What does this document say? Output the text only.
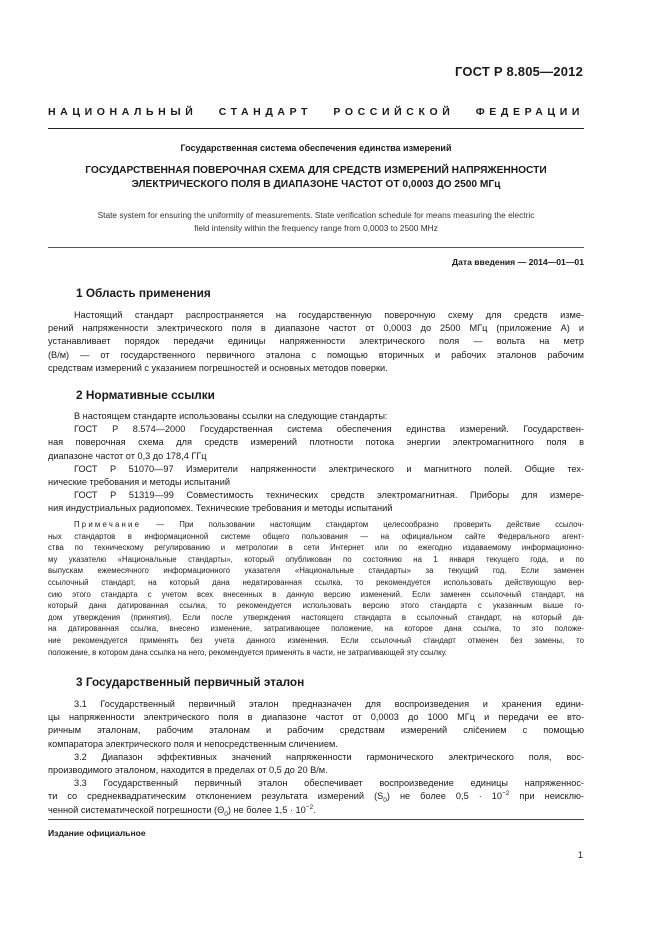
ГОСТ Р 8.805—2012
НАЦИОНАЛЬНЫЙ СТАНДАРТ РОССИЙСКОЙ ФЕДЕРАЦИИ
Государственная система обеспечения единства измерений
ГОСУДАРСТВЕННАЯ ПОВЕРОЧНАЯ СХЕМА ДЛЯ СРЕДСТВ ИЗМЕРЕНИЙ НАПРЯЖЕННОСТИ
ЭЛЕКТРИЧЕСКОГО ПОЛЯ В ДИАПАЗОНЕ ЧАСТОТ ОТ 0,0003 ДО 2500 МГц
State system for ensuring the uniformity of measurements. State verification schedule for means measuring the electric
field intensity within the frequency range from 0,0003 to 2500 MHz
Дата введения — 2014—01—01
1 Область применения
Настоящий стандарт распространяется на государственную поверочную схему для средств изме-
рений напряженности электрического поля в диапазоне частот от 0,0003 до 2500 МГц (приложение А) и
устанавливает порядок передачи единицы напряженности электрического поля — вольта на метр
(В/м) — от государственного первичного эталона с помощью вторичных и рабочих эталонов рабочим
средствам измерений с указанием погрешностей и основных методов поверки.
2 Нормативные ссылки
В настоящем стандарте использованы ссылки на следующие стандарты:
ГОСТ Р 8.574—2000 Государственная система обеспечения единства измерений. Государствен-
ная поверочная схема для средств измерений плотности потока энергии электромагнитного поля в
диапазоне частот от 0,3 до 178,4 ГГц
ГОСТ Р 51070—97 Измерители напряженности электрического и магнитного полей. Общие тех-
нические требования и методы испытаний
ГОСТ Р 51319—99 Совместимость технических средств электромагнитная. Приборы для измере-
ния индустриальных радиопомех. Технические требования и методы испытаний
Примечание — При пользовании настоящим стандартом целесообразно проверить действие ссылоч-
ных стандартов в информационной системе общего пользования — на официальном сайте Федерального агент-
ства по техническому регулированию и метрологии в сети Интернет или по ежегодно издаваемому информационно-
му указателю «Национальные стандарты», который опубликован по состоянию на 1 января текущего года, и по
выпускам ежемесячного информационного указателя «Национальные стандарты» за текущий год. Если заменен
ссылочный стандарт, на который дана недатированная ссылка, то рекомендуется использовать действующую вер-
сию этого стандарта с учетом всех внесенных в данную версию изменений. Если заменен ссылочный стандарт, на
который дана датированная ссылка, то рекомендуется использовать версию этого стандарта с указанным выше го-
дом утверждения (принятия). Если после утверждения настоящего стандарта в ссылочный стандарт, на который да-
на датированная ссылка, внесено изменение, затрагивающее положение, на которое дана ссылка, то это положе-
ние рекомендуется применять без учета данного изменения. Если ссылочный стандарт отменен без замены, то
положение, в котором дана ссылка на него, рекомендуется применять в части, не затрагивающей эту ссылку.
3 Государственный первичный эталон
3.1 Государственный первичный эталон предназначен для воспроизведения и хранения едини-
цы напряженности электрического поля в диапазоне частот от 0,0003 до 1000 МГц и передачи ее вто-
ричным эталонам, рабочим эталонам и рабочим средствам измерений слičением с помощью
компаратора электрического поля и непосредственным сличением.
3.2 Диапазон эффективных значений напряженности гармонического электрического поля, вос-
производимого эталоном, находится в пределах от 0,5 до 20 В/м.
3.3 Государственный первичный эталон обеспечивает воспроизведение единицы напряженнос-
ти со среднеквадратическим отклонением результата измерений $(S_0)$ не более $0,5 \cdot 10^{-2}$ при неисклю-
ченной систематической погрешности $(\Theta_0)$ не более $1,5 \cdot 10^{-2}$.
Издание официальное
1
